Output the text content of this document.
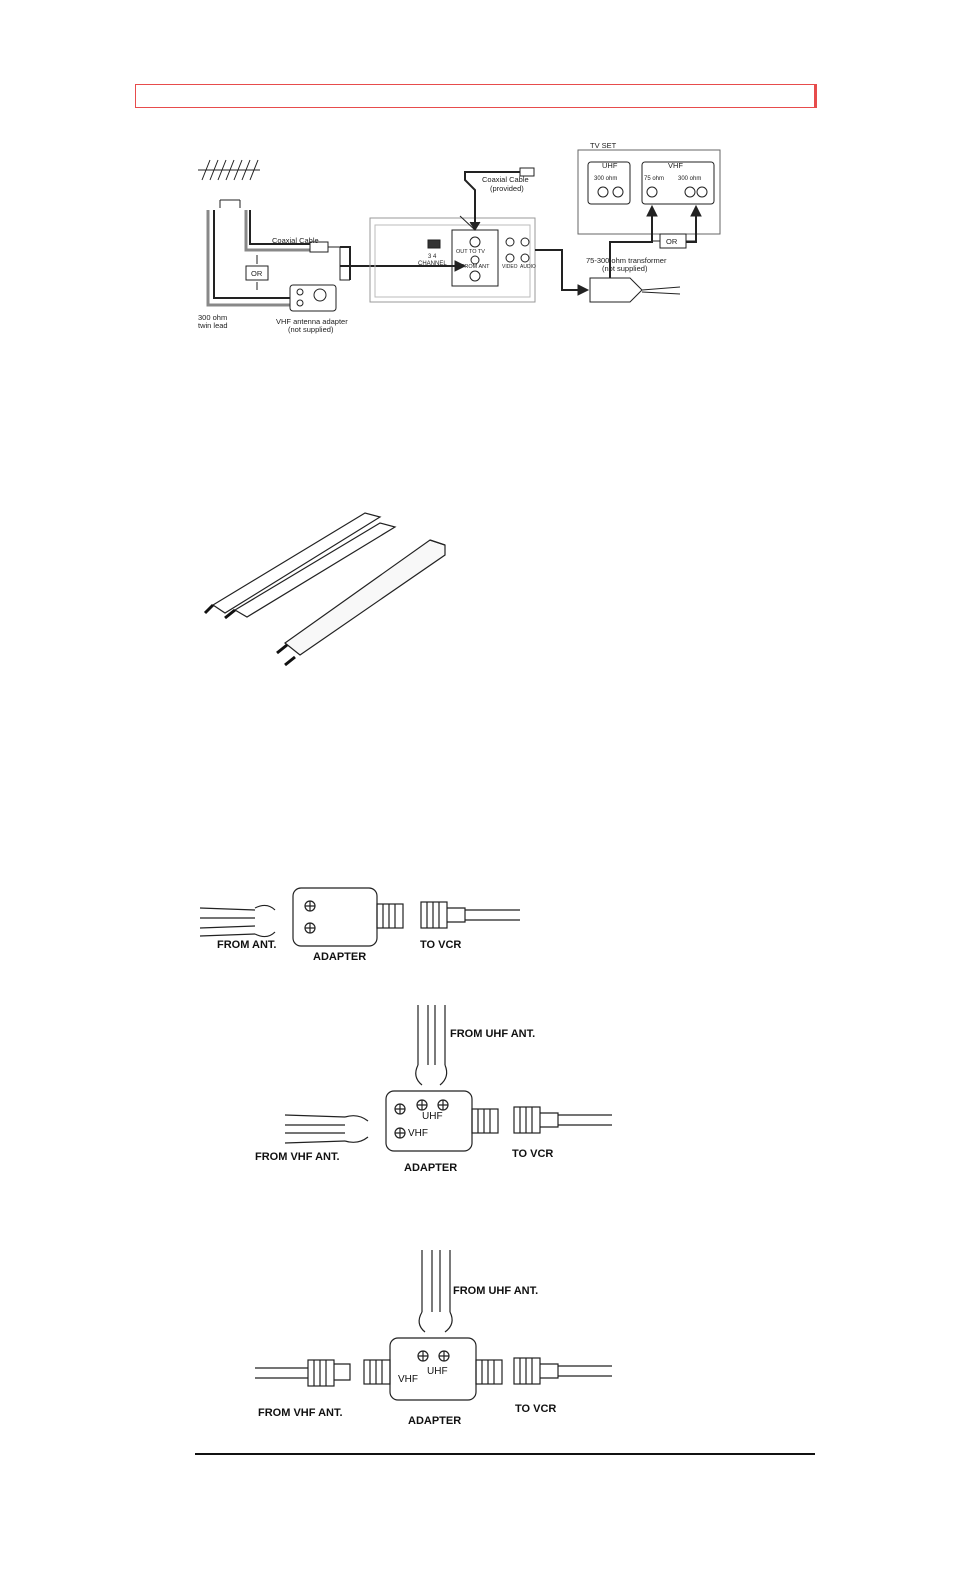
Coaxial Cable
Coaxial Cable
(provided)
OR
300 ohm
twin lead	VHF antenna adapter
(not supplied)
3 4
CHANNEL
OUT TO TV
IN FROM ANT	VIDEO AUDIO
TV SET
UHF	VHF
300 ohm	75 ohm 300 ohm
OR
75-300 ohm transformer
(not supplied)
FROM ANT.
ADAPTER
TO VCR
FROM UHF ANT.
FROM VHF ANT.
ADAPTER
TO VCR
UHF
VHF
FROM UHF ANT.
FROM VHF ANT.
ADAPTER
TO VCR
UHF
VHF
